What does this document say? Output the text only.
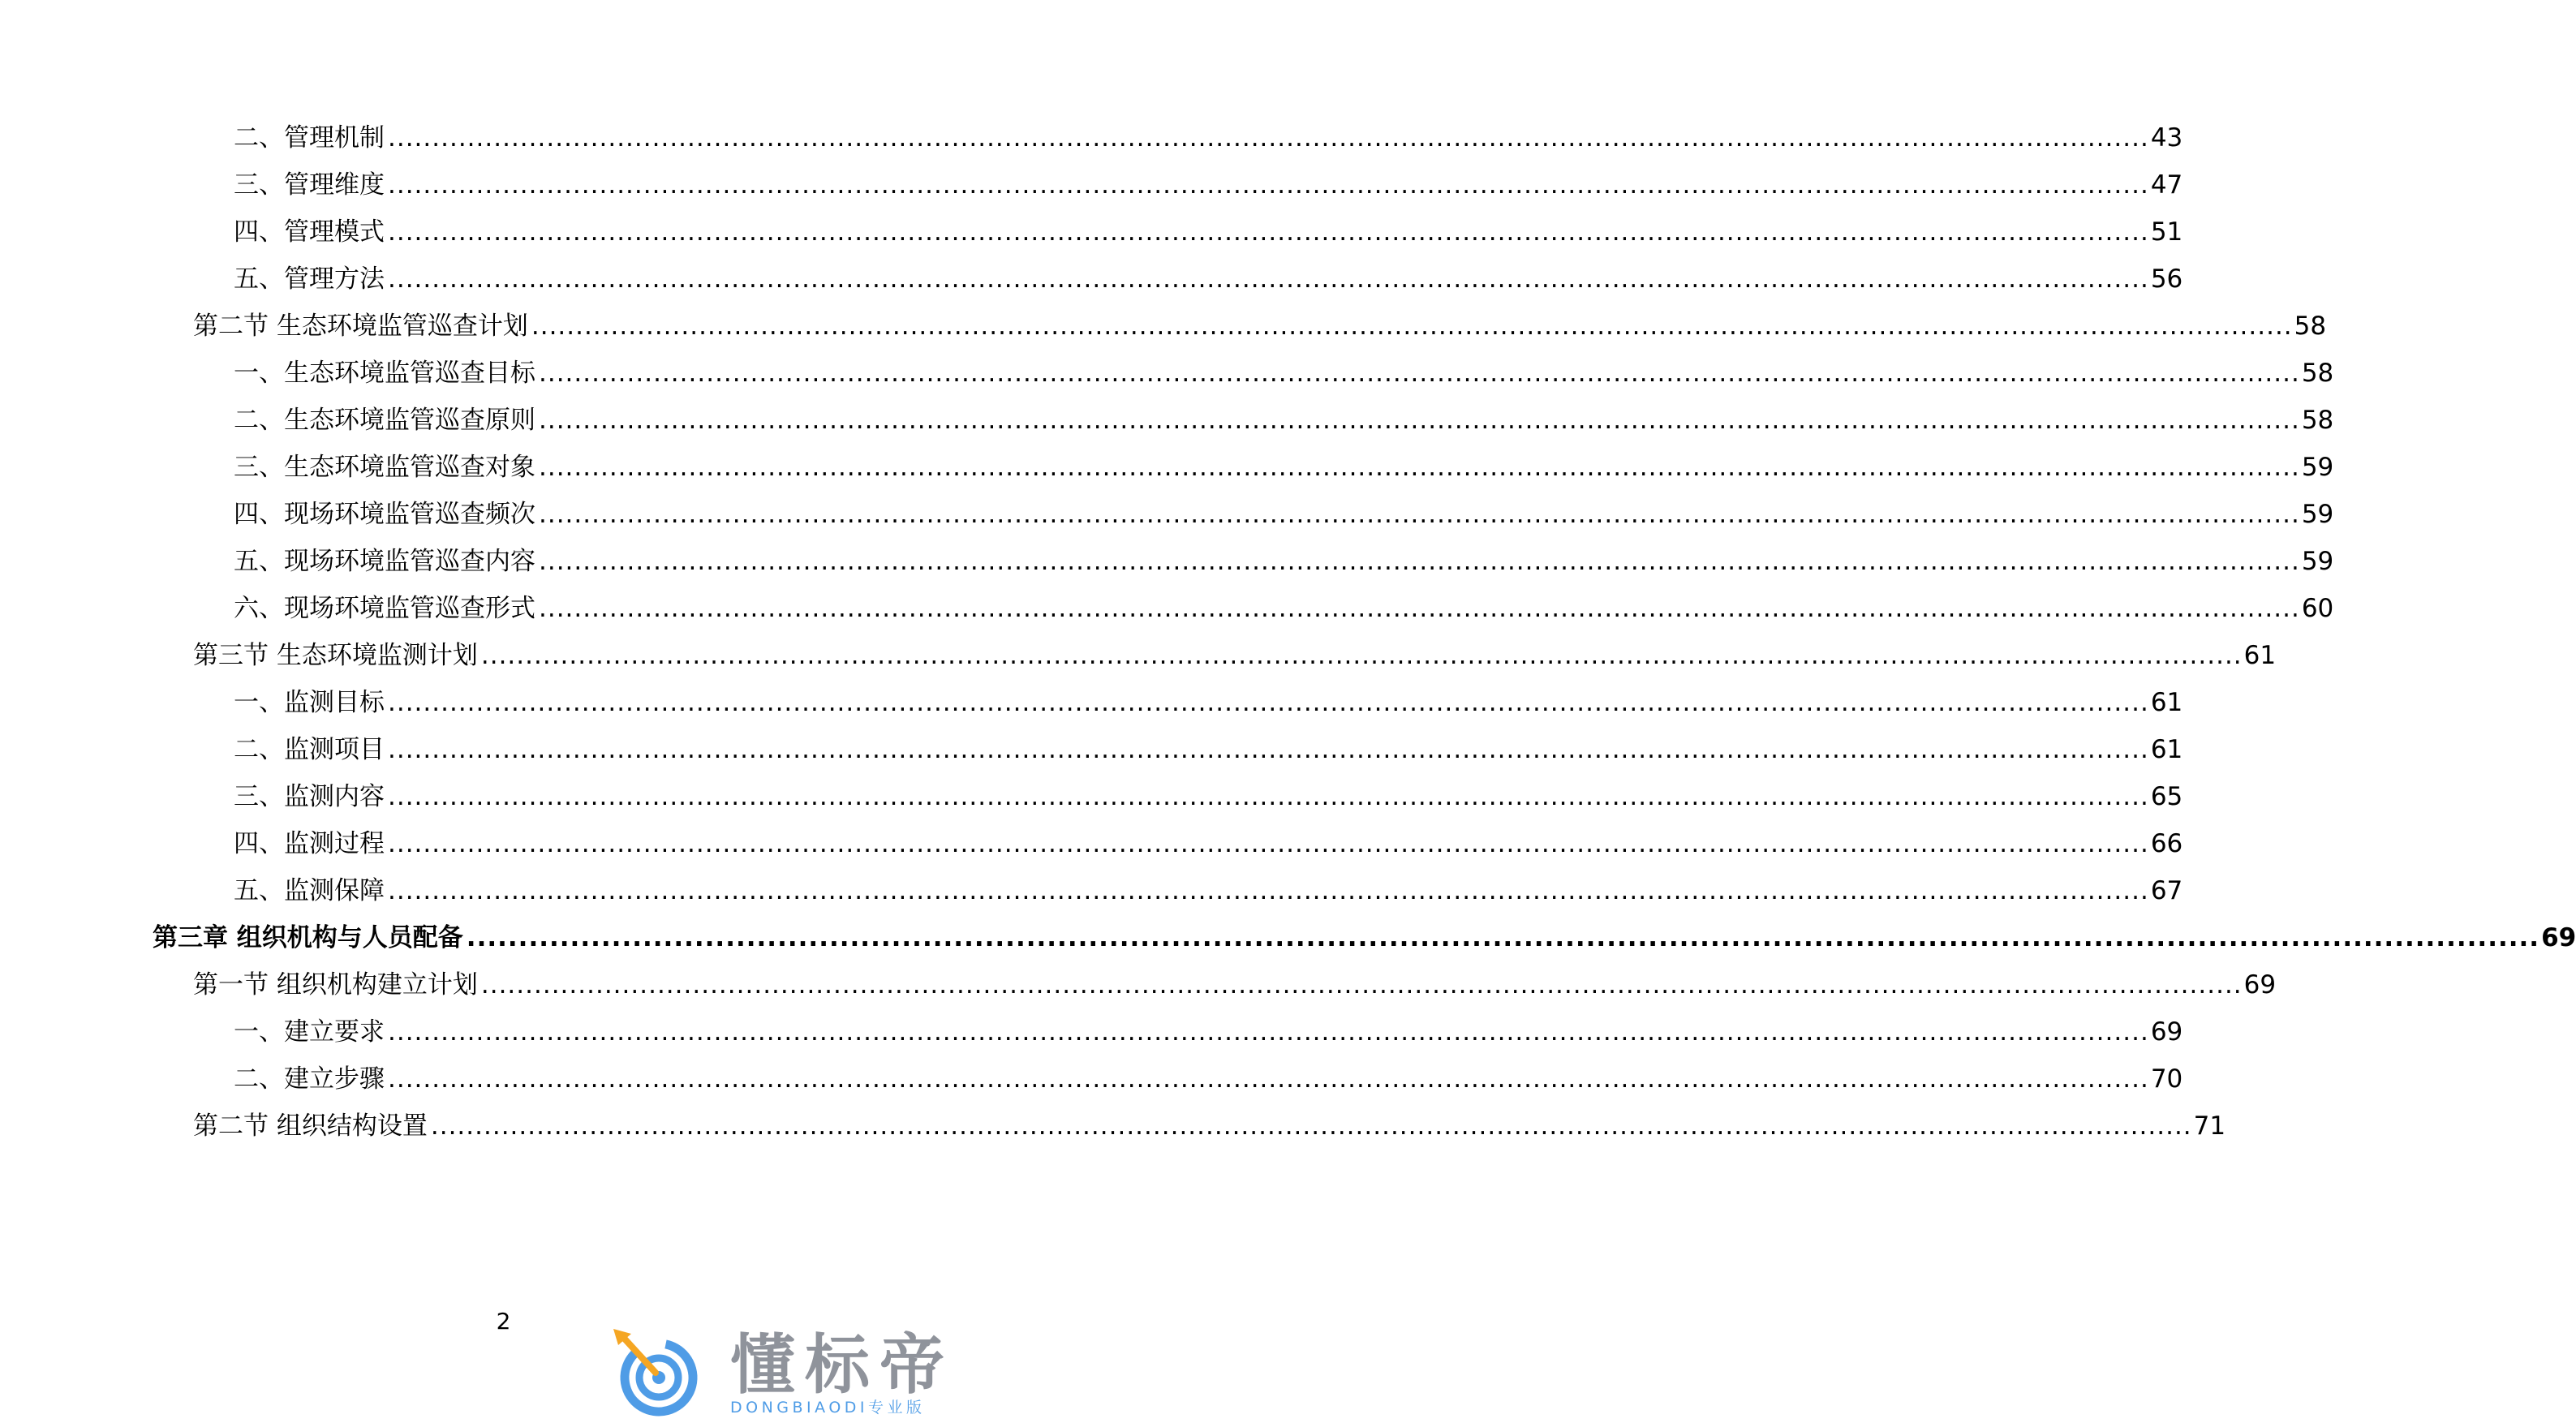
二、管理机制 ........................................................................................................................................................................................................ 43
三、管理维度 ........................................................................................................................................................................................................ 47
四、管理模式 ........................................................................................................................................................................................................ 51
五、管理方法 ........................................................................................................................................................................................................ 56
第二节 生态环境监管巡查计划 ........................................................................................................................................................................................................ 58
一、生态环境监管巡查目标 ........................................................................................................................................................................................................ 58
二、生态环境监管巡查原则 ........................................................................................................................................................................................................ 58
三、生态环境监管巡查对象 ........................................................................................................................................................................................................ 59
四、现场环境监管巡查频次 ........................................................................................................................................................................................................ 59
五、现场环境监管巡查内容 ........................................................................................................................................................................................................ 59
六、现场环境监管巡查形式 ........................................................................................................................................................................................................ 60
第三节 生态环境监测计划 ........................................................................................................................................................................................................ 61
一、监测目标 ........................................................................................................................................................................................................ 61
二、监测项目 ........................................................................................................................................................................................................ 61
三、监测内容 ........................................................................................................................................................................................................ 65
四、监测过程 ........................................................................................................................................................................................................ 66
五、监测保障 ........................................................................................................................................................................................................ 67
第三章 组织机构与人员配备 ........................................................................................................................................................................................................ 69
第一节 组织机构建立计划 ........................................................................................................................................................................................................ 69
一、建立要求 ........................................................................................................................................................................................................ 69
二、建立步骤 ........................................................................................................................................................................................................ 70
第二节 组织结构设置 ........................................................................................................................................................................................................ 71
2
懂标帝
DONGBIAODI专业版
